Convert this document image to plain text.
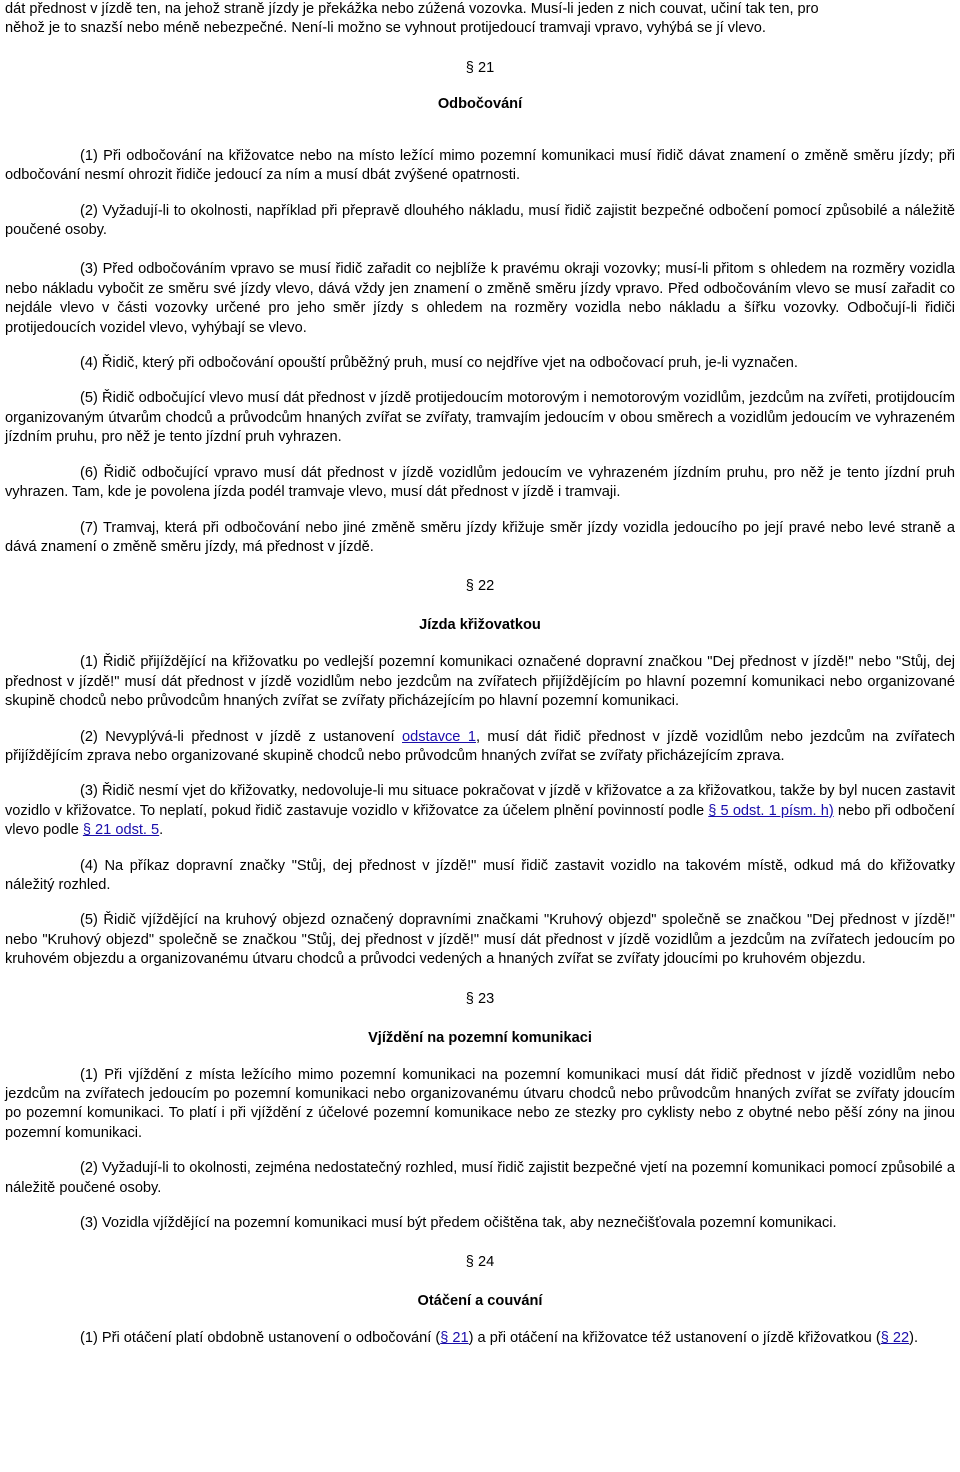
dát přednost v jízdě ten, na jehož straně jízdy je překážka nebo zúžená vozovka. Musí-li jeden z nich couvat, učiní tak ten, pro

něhož je to snazší nebo méně nebezpečné. Není-li možno se vyhnout protijedoucí tramvaji vpravo, vyhýbá se jí vlevo.

§ 21
Odbočování

(1) Při odbočování na křižovatce nebo na místo ležící mimo pozemní komunikaci musí řidič dávat znamení o změně směru jízdy; při odbočování nesmí ohrozit řidiče jedoucí za ním a musí dbát zvýšené opatrnosti.

(2) Vyžadují-li to okolnosti, například při přepravě dlouhého nákladu, musí řidič zajistit bezpečné odbočení pomocí způsobilé a náležitě poučené osoby.

(3) Před odbočováním vpravo se musí řidič zařadit co nejblíže k pravému okraji vozovky; musí-li přitom s ohledem na rozměry vozidla nebo nákladu vybočit ze směru své jízdy vlevo, dává vždy jen znamení o změně směru jízdy vpravo. Před odbočováním vlevo se musí zařadit co nejdále vlevo v části vozovky určené pro jeho směr jízdy s ohledem na rozměry vozidla nebo nákladu a šířku vozovky. Odbočují-li řidiči protijedoucích vozidel vlevo, vyhýbají se vlevo.

(4) Řidič, který při odbočování opouští průběžný pruh, musí co nejdříve vjet na odbočovací pruh, je-li vyznačen.

(5) Řidič odbočující vlevo musí dát přednost v jízdě protijedoucím motorovým i nemotorovým vozidlům, jezdcům na zvířeti, protijdoucím organizovaným útvarům chodců a průvodcům hnaných zvířat se zvířaty, tramvajím jedoucím v obou směrech a vozidlům jedoucím ve vyhrazeném jízdním pruhu, pro něž je tento jízdní pruh vyhrazen.

(6) Řidič odbočující vpravo musí dát přednost v jízdě vozidlům jedoucím ve vyhrazeném jízdním pruhu, pro něž je tento jízdní pruh vyhrazen. Tam, kde je povolena jízda podél tramvaje vlevo, musí dát přednost v jízdě i tramvaji.

(7) Tramvaj, která při odbočování nebo jiné změně směru jízdy křižuje směr jízdy vozidla jedoucího po její pravé nebo levé straně a dává znamení o změně směru jízdy, má přednost v jízdě.

§ 22
Jízda křižovatkou

(1) Řidič přijíždějící na křižovatku po vedlejší pozemní komunikaci označené dopravní značkou "Dej přednost v jízdě!" nebo "Stůj, dej přednost v jízdě!" musí dát přednost v jízdě vozidlům nebo jezdcům na zvířatech přijíždějícím po hlavní pozemní komunikaci nebo organizované skupině chodců nebo průvodcům hnaných zvířat se zvířaty přicházejícím po hlavní pozemní komunikaci.

(2) Nevyplývá-li přednost v jízdě z ustanovení odstavce 1, musí dát řidič přednost v jízdě vozidlům nebo jezdcům na zvířatech přijíždějícím zprava nebo organizované skupině chodců nebo průvodcům hnaných zvířat se zvířaty přicházejícím zprava.

(3) Řidič nesmí vjet do křižovatky, nedovoluje-li mu situace pokračovat v jízdě v křižovatce a za křižovatkou, takže by byl nucen zastavit vozidlo v křižovatce. To neplatí, pokud řidič zastavuje vozidlo v křižovatce za účelem plnění povinností podle § 5 odst. 1 písm. h) nebo při odbočení vlevo podle § 21 odst. 5.

(4) Na příkaz dopravní značky "Stůj, dej přednost v jízdě!" musí řidič zastavit vozidlo na takovém místě, odkud má do křižovatky náležitý rozhled.

(5) Řidič vjíždějící na kruhový objezd označený dopravními značkami "Kruhový objezd" společně se značkou "Dej přednost v jízdě!" nebo "Kruhový objezd" společně se značkou "Stůj, dej přednost v jízdě!" musí dát přednost v jízdě vozidlům a jezdcům na zvířatech jedoucím po kruhovém objezdu a organizovanému útvaru chodců a průvodci vedených a hnaných zvířat se zvířaty jdoucími po kruhovém objezdu.

§ 23
Vjíždění na pozemní komunikaci

(1) Při vjíždění z místa ležícího mimo pozemní komunikaci na pozemní komunikaci musí dát řidič přednost v jízdě vozidlům nebo jezdcům na zvířatech jedoucím po pozemní komunikaci nebo organizovanému útvaru chodců nebo průvodcům hnaných zvířat se zvířaty jdoucím po pozemní komunikaci. To platí i při vjíždění z účelové pozemní komunikace nebo ze stezky pro cyklisty nebo z obytné nebo pěší zóny na jinou pozemní komunikaci.

(2) Vyžadují-li to okolnosti, zejména nedostatečný rozhled, musí řidič zajistit bezpečné vjetí na pozemní komunikaci pomocí způsobilé a náležitě poučené osoby.

(3) Vozidla vjíždějící na pozemní komunikaci musí být předem očištěna tak, aby neznečišťovala pozemní komunikaci.

§ 24
Otáčení a couvání

(1) Při otáčení platí obdobně ustanovení o odbočování (§ 21) a při otáčení na křižovatce též ustanovení o jízdě křižovatkou (§ 22).
